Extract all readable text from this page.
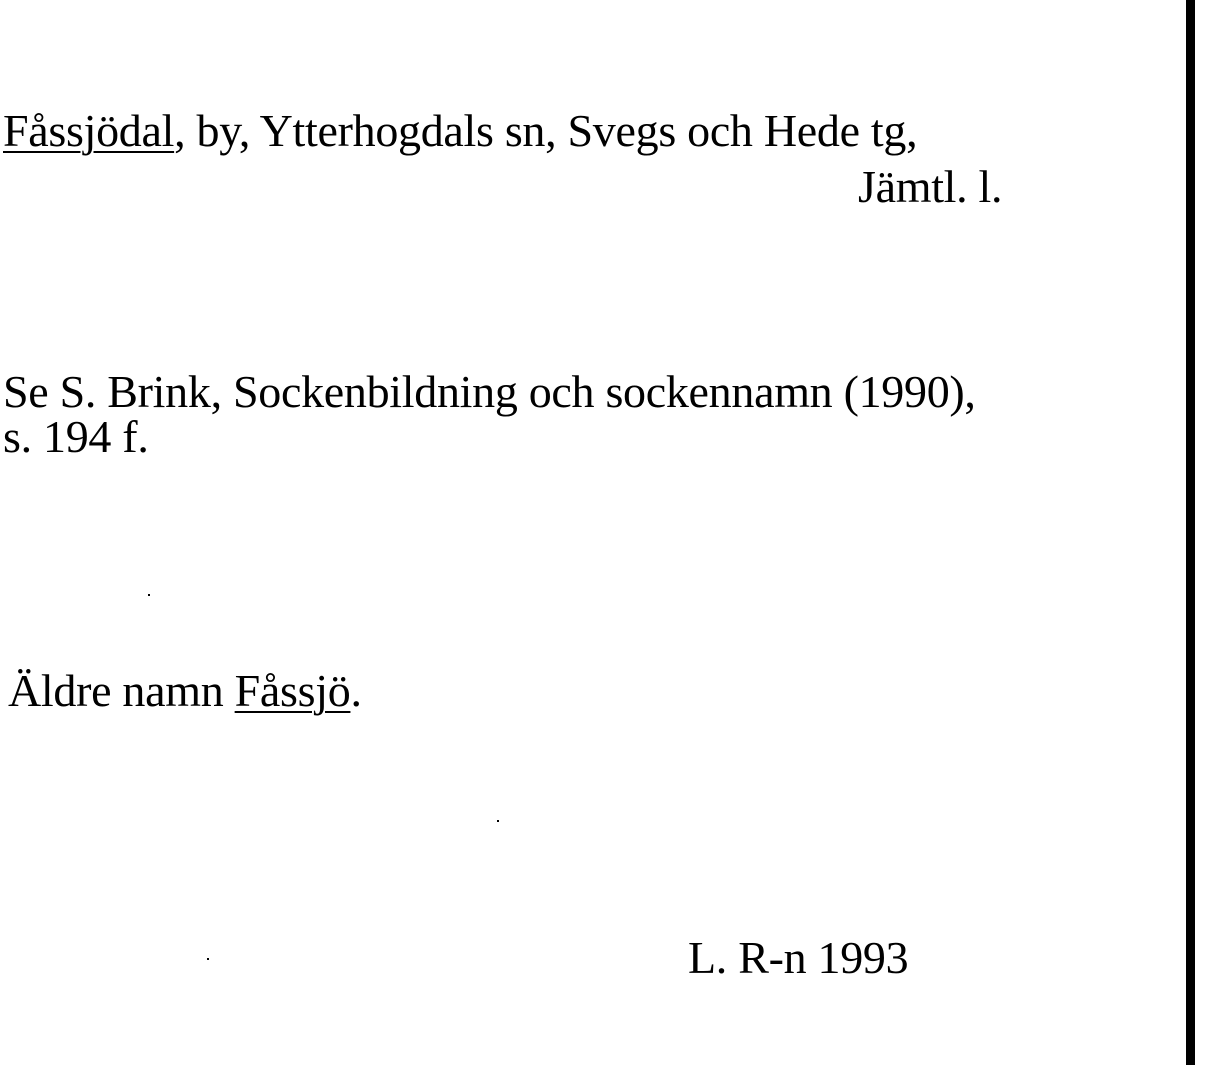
Fåssjödal, by, Ytterhogdals sn, Svegs och Hede tg,
Jämtl. l.
Se S. Brink, Sockenbildning och sockennamn (1990),
s. 194 f.
Äldre namn Fåssjö.
L. R-n 1993
